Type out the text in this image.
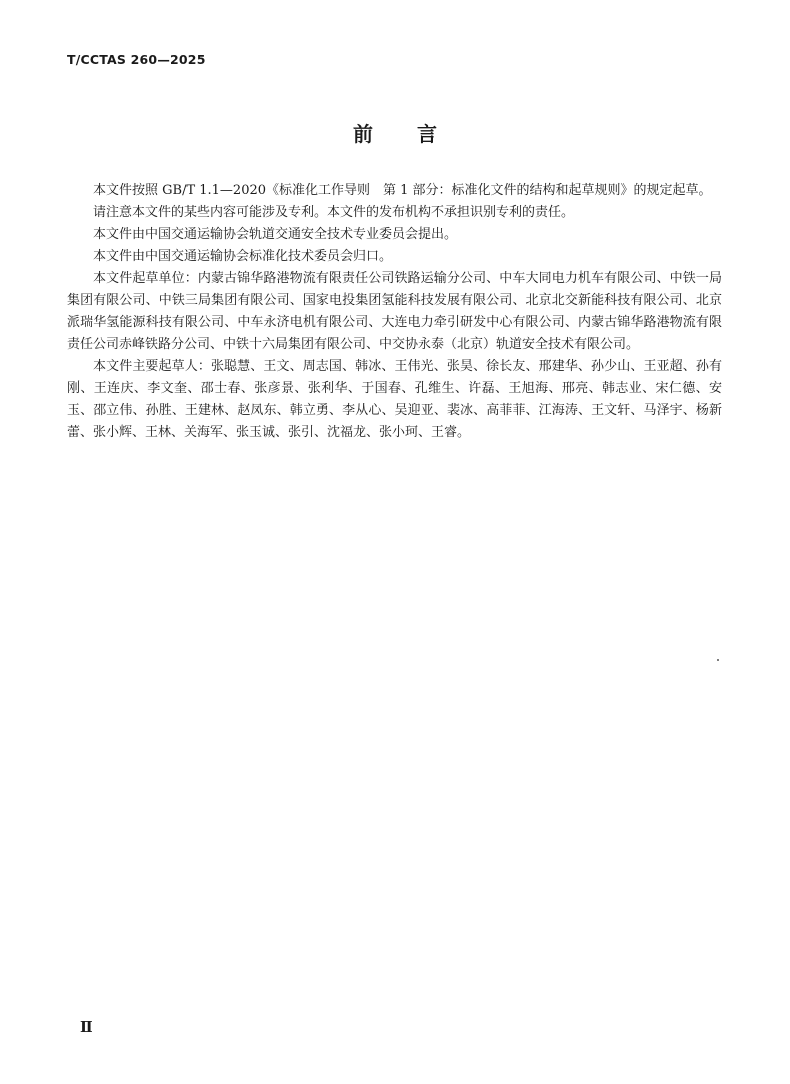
T/CCTAS 260—2025
前言

本文件按照 GB/T 1.1—2020《标准化工作导则　第 1 部分：标准化文件的结构和起草规则》的规定起草。

请注意本文件的某些内容可能涉及专利。本文件的发布机构不承担识别专利的责任。

本文件由中国交通运输协会轨道交通安全技术专业委员会提出。

本文件由中国交通运输协会标准化技术委员会归口。

本文件起草单位：内蒙古锦华路港物流有限责任公司铁路运输分公司、中车大同电力机车有限公司、中铁一局集团有限公司、中铁三局集团有限公司、国家电投集团氢能科技发展有限公司、北京北交新能科技有限公司、北京派瑞华氢能源科技有限公司、中车永济电机有限公司、大连电力牵引研发中心有限公司、内蒙古锦华路港物流有限责任公司赤峰铁路分公司、中铁十六局集团有限公司、中交协永泰（北京）轨道安全技术有限公司。

本文件主要起草人：张聪慧、王文、周志国、韩冰、王伟光、张昊、徐长友、邢建华、孙少山、王亚超、孙有刚、王连庆、李文奎、邵士春、张彦景、张利华、于国春、孔维生、许磊、王旭海、邢亮、韩志业、宋仁德、安玉、邵立伟、孙胜、王建林、赵凤东、韩立勇、李从心、吴迎亚、裴冰、高菲菲、江海涛、王文轩、马泽宇、杨新蕾、张小辉、王林、关海军、张玉诚、张引、沈福龙、张小珂、王睿。

Ⅱ
